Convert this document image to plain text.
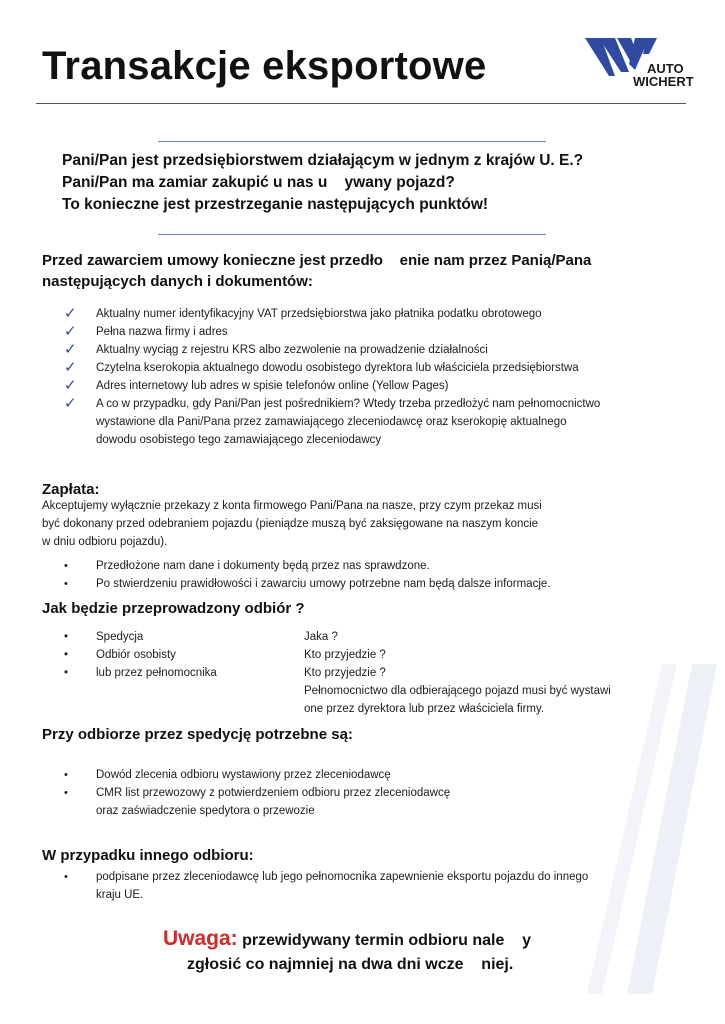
Transakcje eksportowe	AUTO
WICHERT
Pani/Pan jest przedsiębiorstwem działającym w jednym z krajów U. E.?
Pani/Pan ma zamiar zakupić u nas u    ywany pojazd?
To konieczne jest przestrzeganie następujących punktów!
Przed zawarciem umowy konieczne jest przedło    enie nam przez Panią/Pana
następujących danych i dokumentów:
✓ Aktualny numer identyfikacyjny VAT przedsiębiorstwa jako płatnika podatku obrotowego
✓ Pełna nazwa firmy i adres
✓ Aktualny wyciąg z rejestru KRS albo zezwolenie na prowadzenie działalności
✓ Czytelna kserokopia aktualnego dowodu osobistego dyrektora lub właściciela przedsiębiorstwa
✓ Adres internetowy lub adres w spisie telefonów online (Yellow Pages)
✓ A co w przypadku, gdy Pani/Pan jest pośrednikiem? Wtedy trzeba przedłożyć nam pełnomocnictwo
wystawione dla Pani/Pana przez zamawiającego zleceniodawcę oraz kserokopię aktualnego
dowodu osobistego tego zamawiającego zleceniodawcy
Zapłata:
Akceptujemy wyłącznie przekazy z konta firmowego Pani/Pana na nasze, przy czym przekaz musi
być dokonany przed odebraniem pojazdu (pieniądze muszą być zaksięgowane na naszym koncie
w dniu odbioru pojazdu).
• Przedłożone nam dane i dokumenty będą przez nas sprawdzone.
• Po stwierdzeniu prawidłowości i zawarciu umowy potrzebne nam będą dalsze informacje.
Jak będzie przeprowadzony odbiór ?
• Spedycja	Jaka ?
• Odbiór osobisty	Kto przyjedzie ?
• lub przez pełnomocnika	Kto przyjedzie ?
Pełnomocnictwo dla odbierającego pojazd musi być wystawi
one przez dyrektora lub przez właściciela firmy.
Przy odbiorze przez spedycję potrzebne są:
• Dowód zlecenia odbioru wystawiony przez zleceniodawcę
• CMR list przewozowy z potwierdzeniem odbioru przez zleceniodawcę
oraz zaświadczenie spedytora o przewozie
W przypadku innego odbioru:
• podpisane przez zleceniodawcę lub jego pełnomocnika zapewnienie eksportu pojazdu do innego
kraju UE.
Uwaga: przewidywany termin odbioru nale    y
zgłosić co najmniej na dwa dni wcze    niej.
